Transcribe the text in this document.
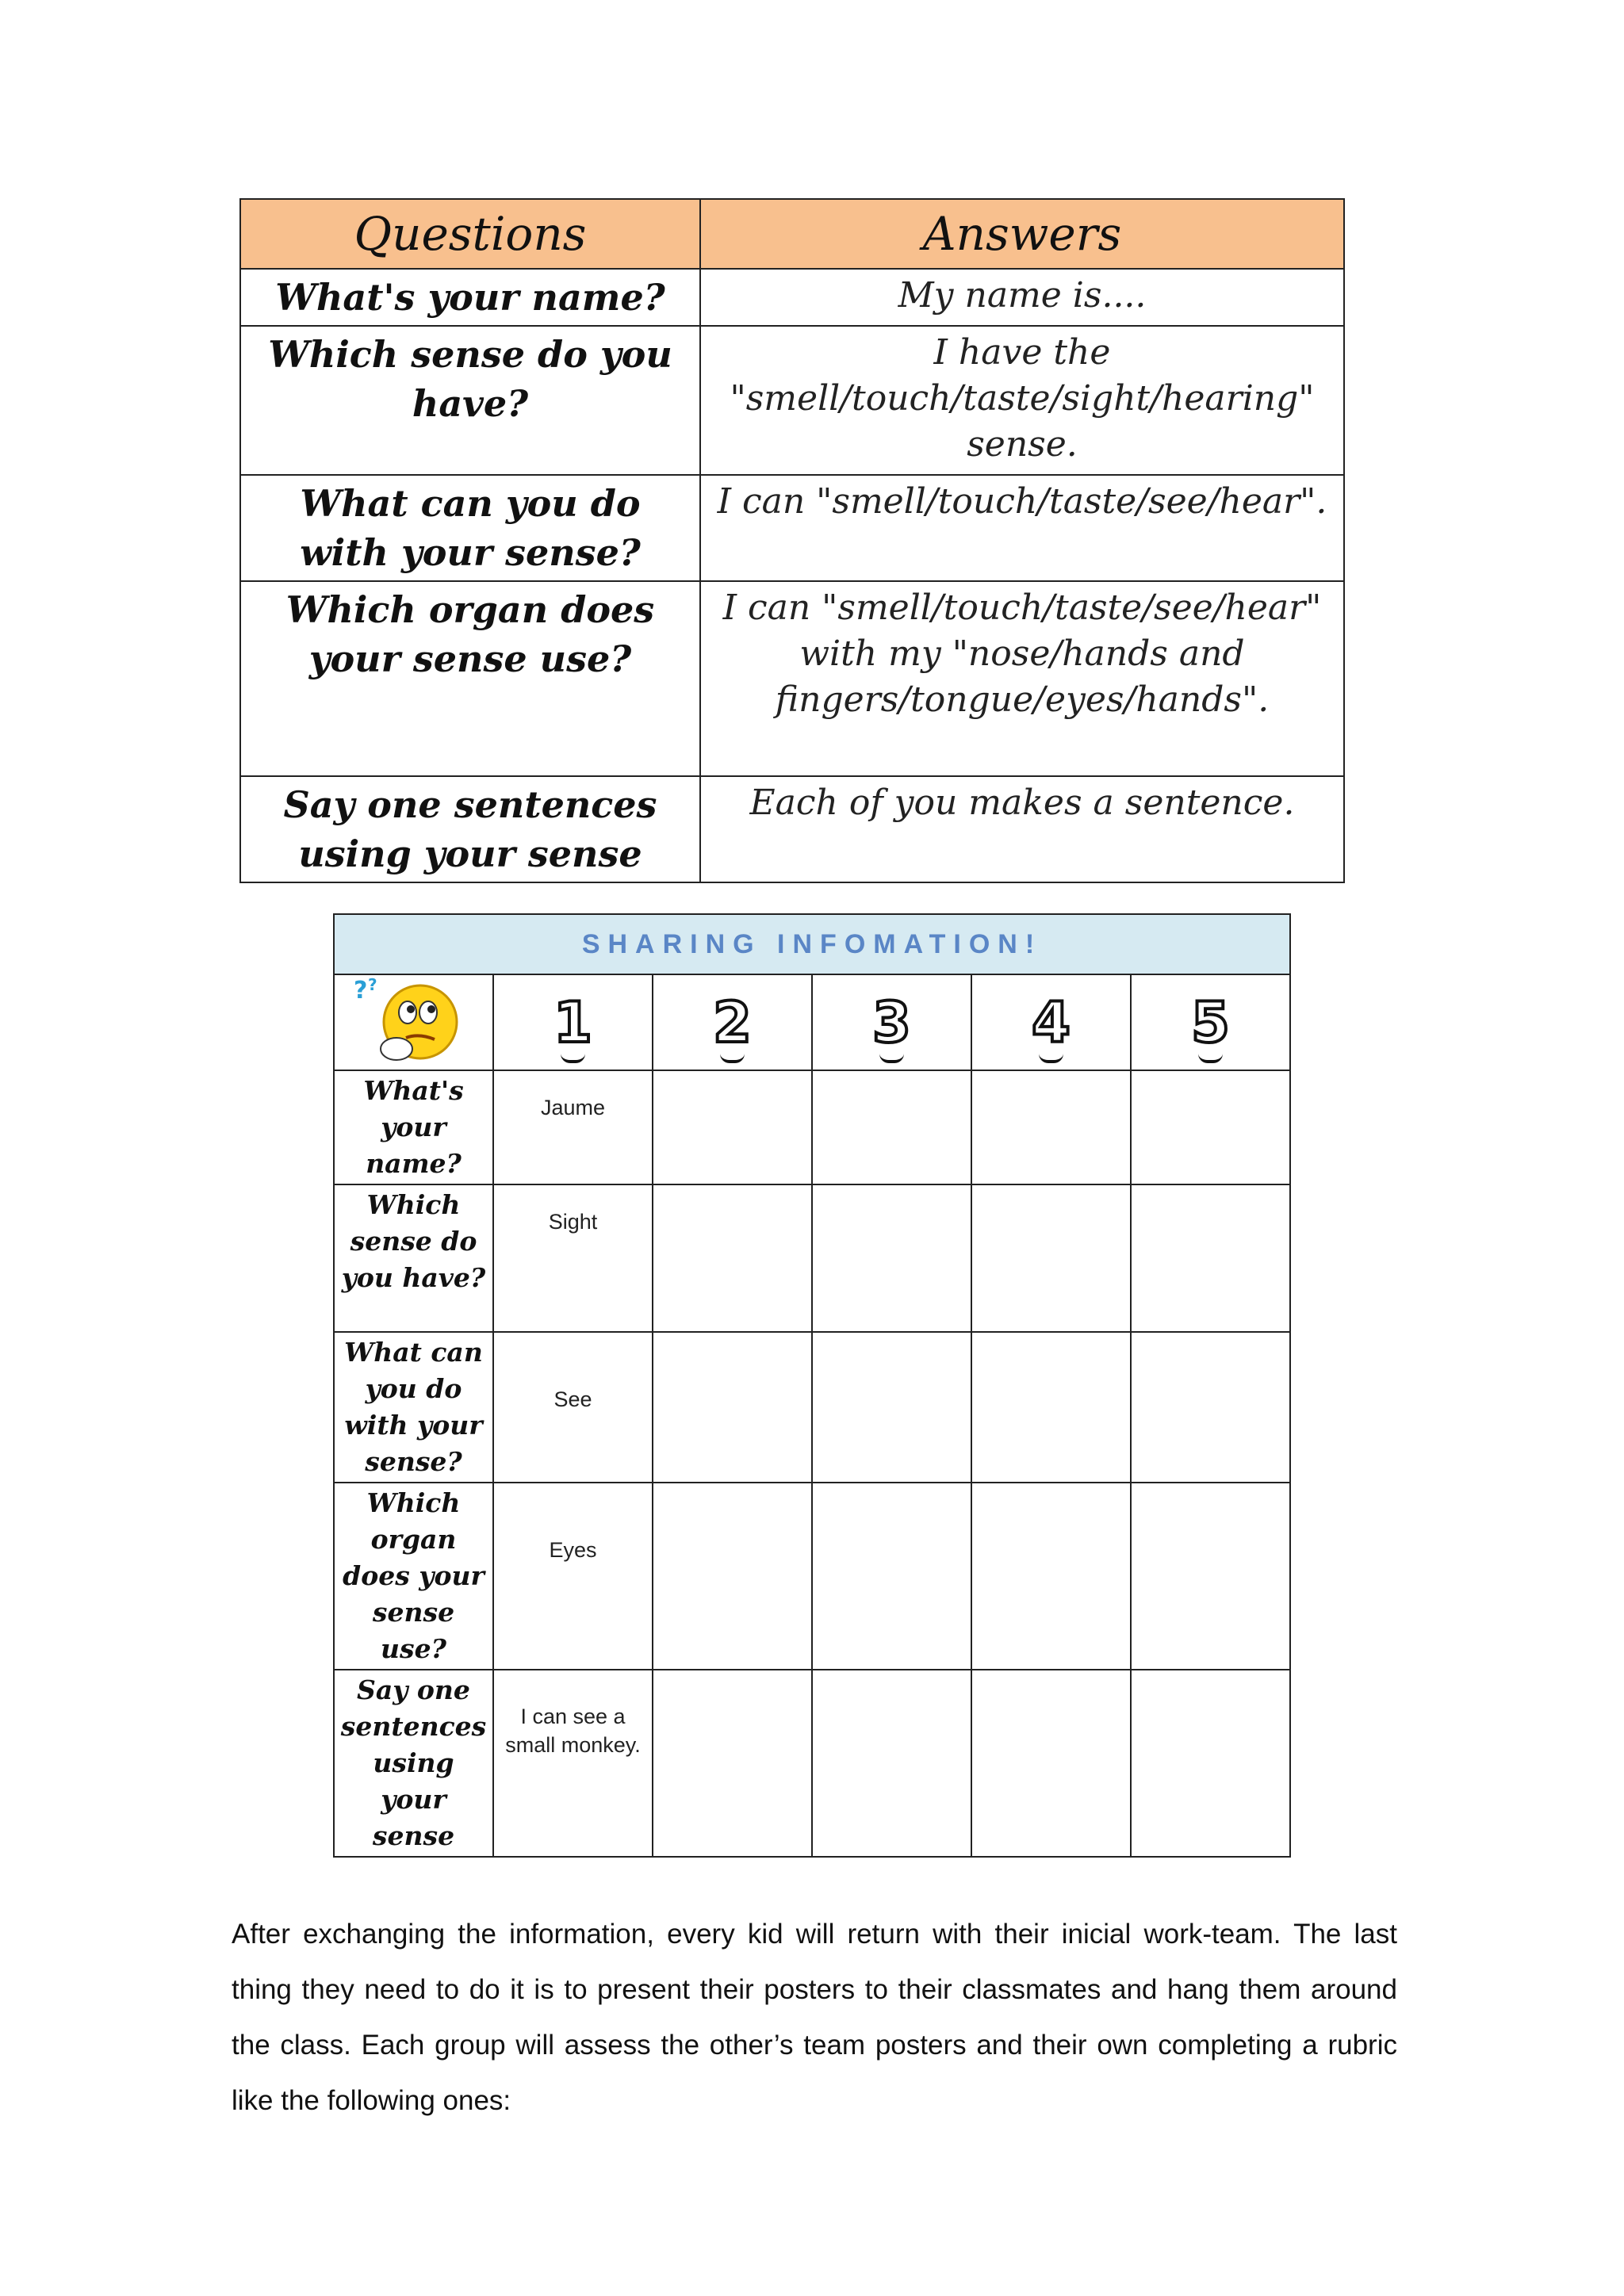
Questions	Answers
What's your name?	My name is....
Which sense do you have?	I have the "smell/touch/taste/sight/hearing" sense.
What can you do with your sense?	I can "smell/touch/taste/see/hear".
Which organ does your sense use?	I can "smell/touch/taste/see/hear" with my "nose/hands and fingers/tongue/eyes/hands".
Say one sentences using your sense	Each of you makes a sentence.
SHARING INFOMATION!					

? ?	1	2	3	4	5
What's your name?	Jaume				
Which sense do you have?	Sight				
What can you do with your sense?	See				
Which organ does your sense use?	Eyes				
Say one sentences using your sense	I can see a small monkey.				

After exchanging the information, every kid will return with their inicial work-team. The last thing they need to do it is to present their posters to their classmates and hang them around the class. Each group will assess the other’s team posters and their own completing a rubric like the following ones:
